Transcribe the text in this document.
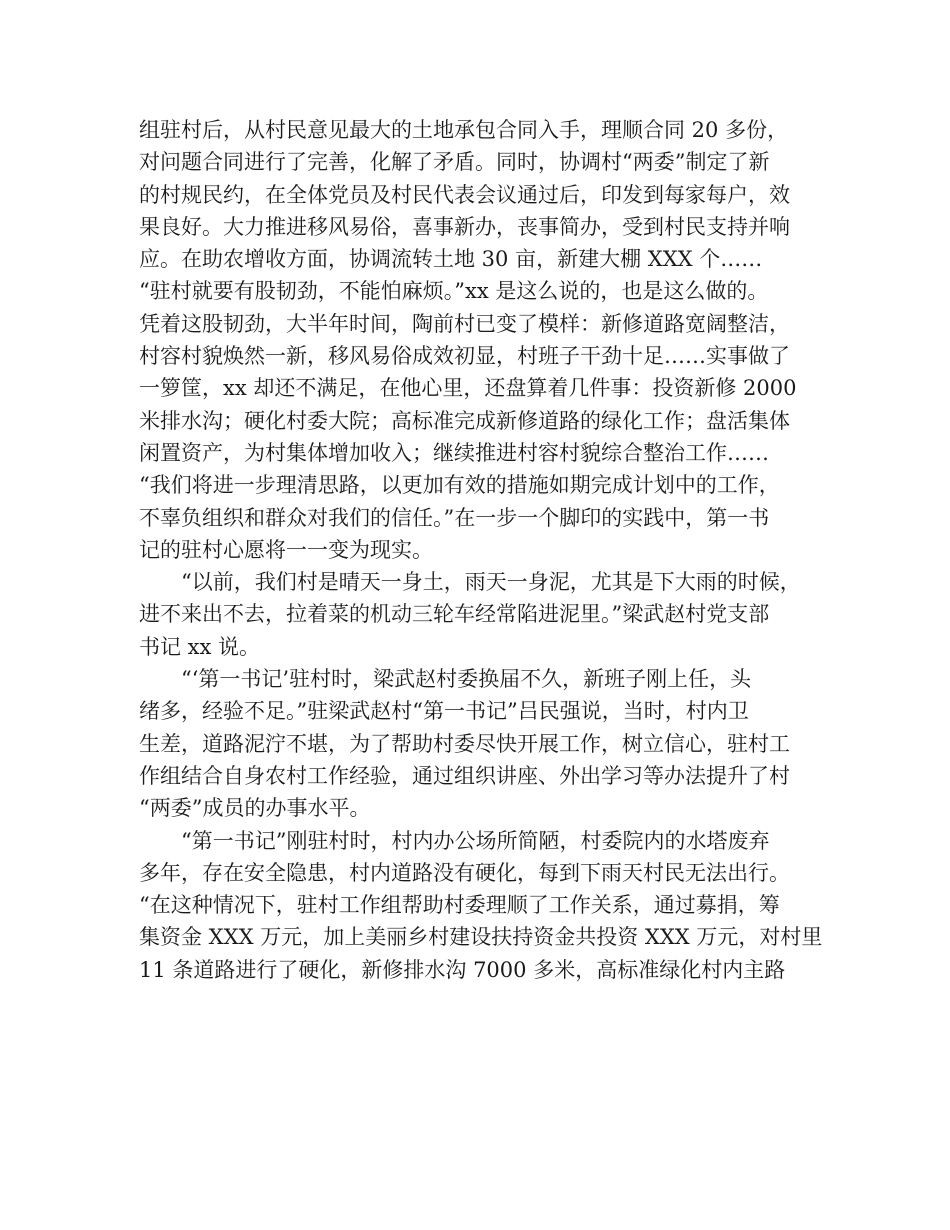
组驻村后，从村民意见最大的土地承包合同入手，理顺合同 20 多份，
对问题合同进行了完善，化解了矛盾。同时，协调村“两委”制定了新
的村规民约，在全体党员及村民代表会议通过后，印发到每家每户，效
果良好。大力推进移风易俗，喜事新办，丧事简办，受到村民支持并响
应。在助农增收方面，协调流转土地 30 亩，新建大棚 XXX 个……
“驻村就要有股韧劲，不能怕麻烦。”xx 是这么说的，也是这么做的。
凭着这股韧劲，大半年时间，陶前村已变了模样：新修道路宽阔整洁，
村容村貌焕然一新，移风易俗成效初显，村班子干劲十足……实事做了
一箩筐，xx 却还不满足，在他心里，还盘算着几件事：投资新修 2000
米排水沟；硬化村委大院；高标准完成新修道路的绿化工作；盘活集体
闲置资产，为村集体增加收入；继续推进村容村貌综合整治工作……
“我们将进一步理清思路，以更加有效的措施如期完成计划中的工作，
不辜负组织和群众对我们的信任。”在一步一个脚印的实践中，第一书
记的驻村心愿将一一变为现实。
“以前，我们村是晴天一身土，雨天一身泥，尤其是下大雨的时候，
进不来出不去，拉着菜的机动三轮车经常陷进泥里。”梁武赵村党支部
书记 xx 说。
“‘第一书记’驻村时，梁武赵村委换届不久，新班子刚上任，头
绪多，经验不足。”驻梁武赵村“第一书记”吕民强说，当时，村内卫
生差，道路泥泞不堪，为了帮助村委尽快开展工作，树立信心，驻村工
作组结合自身农村工作经验，通过组织讲座、外出学习等办法提升了村
“两委”成员的办事水平。
“第一书记”刚驻村时，村内办公场所简陋，村委院内的水塔废弃
多年，存在安全隐患，村内道路没有硬化，每到下雨天村民无法出行。
“在这种情况下，驻村工作组帮助村委理顺了工作关系，通过募捐，筹
集资金 XXX 万元，加上美丽乡村建设扶持资金共投资 XXX 万元，对村里
11 条道路进行了硬化，新修排水沟 7000 多米，高标准绿化村内主路
